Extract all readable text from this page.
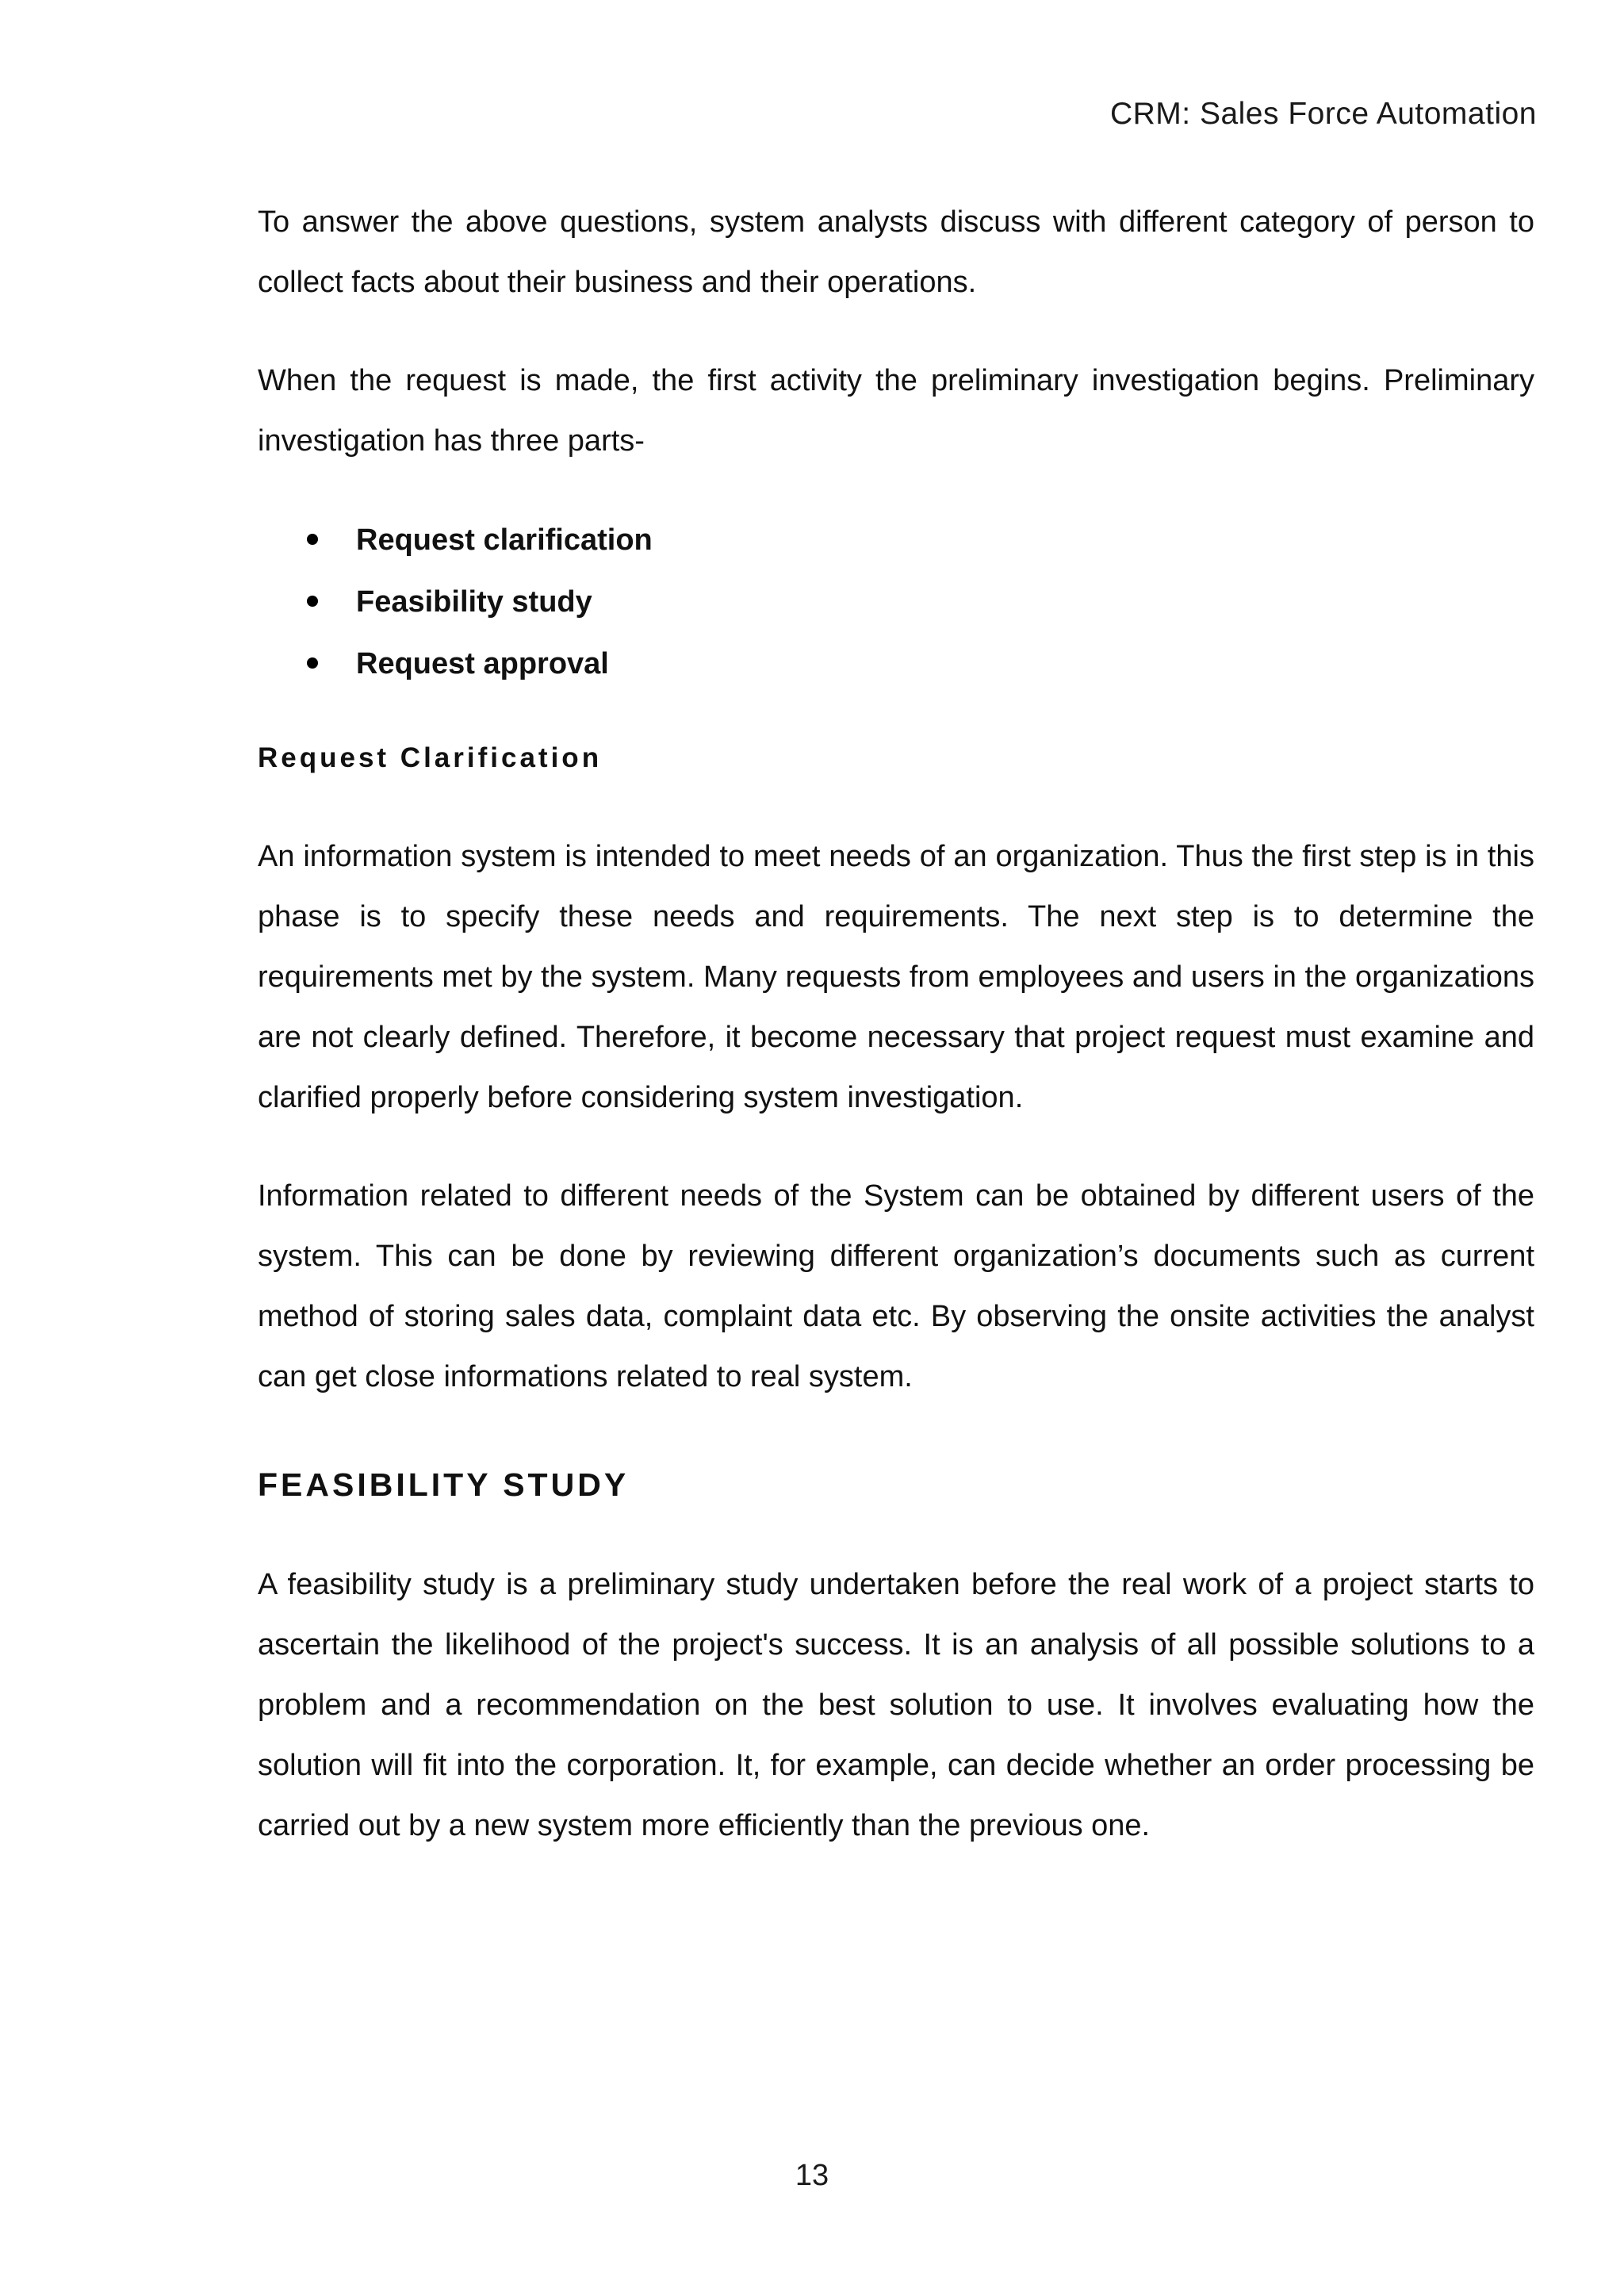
CRM: Sales Force Automation

To answer the above questions, system analysts discuss with different category of person to collect facts about their business and their operations.

When the request is made, the first activity the preliminary investigation begins. Preliminary investigation has three parts-

Request clarification
Feasibility study
Request approval
Request Clarification

An information system is intended to meet needs of an organization. Thus the first step is in this phase is to specify these needs and requirements. The next step is to determine the requirements met by the system. Many requests from employees and users in the organizations are not clearly defined. Therefore, it become necessary that project request must examine and clarified properly before considering system investigation.

Information related to different needs of the System can be obtained by different users of the system. This can be done by reviewing different organization’s documents such as current method of storing sales data, complaint data etc. By observing the onsite activities the analyst can get close informations related to real system.

FEASIBILITY STUDY

A feasibility study is a preliminary study undertaken before the real work of a project starts to ascertain the likelihood of the project's success. It is an analysis of all possible solutions to a problem and a recommendation on the best solution to use. It involves evaluating how the solution will fit into the corporation. It, for example, can decide whether an order processing be carried out by a new system more efficiently than the previous one.

13
